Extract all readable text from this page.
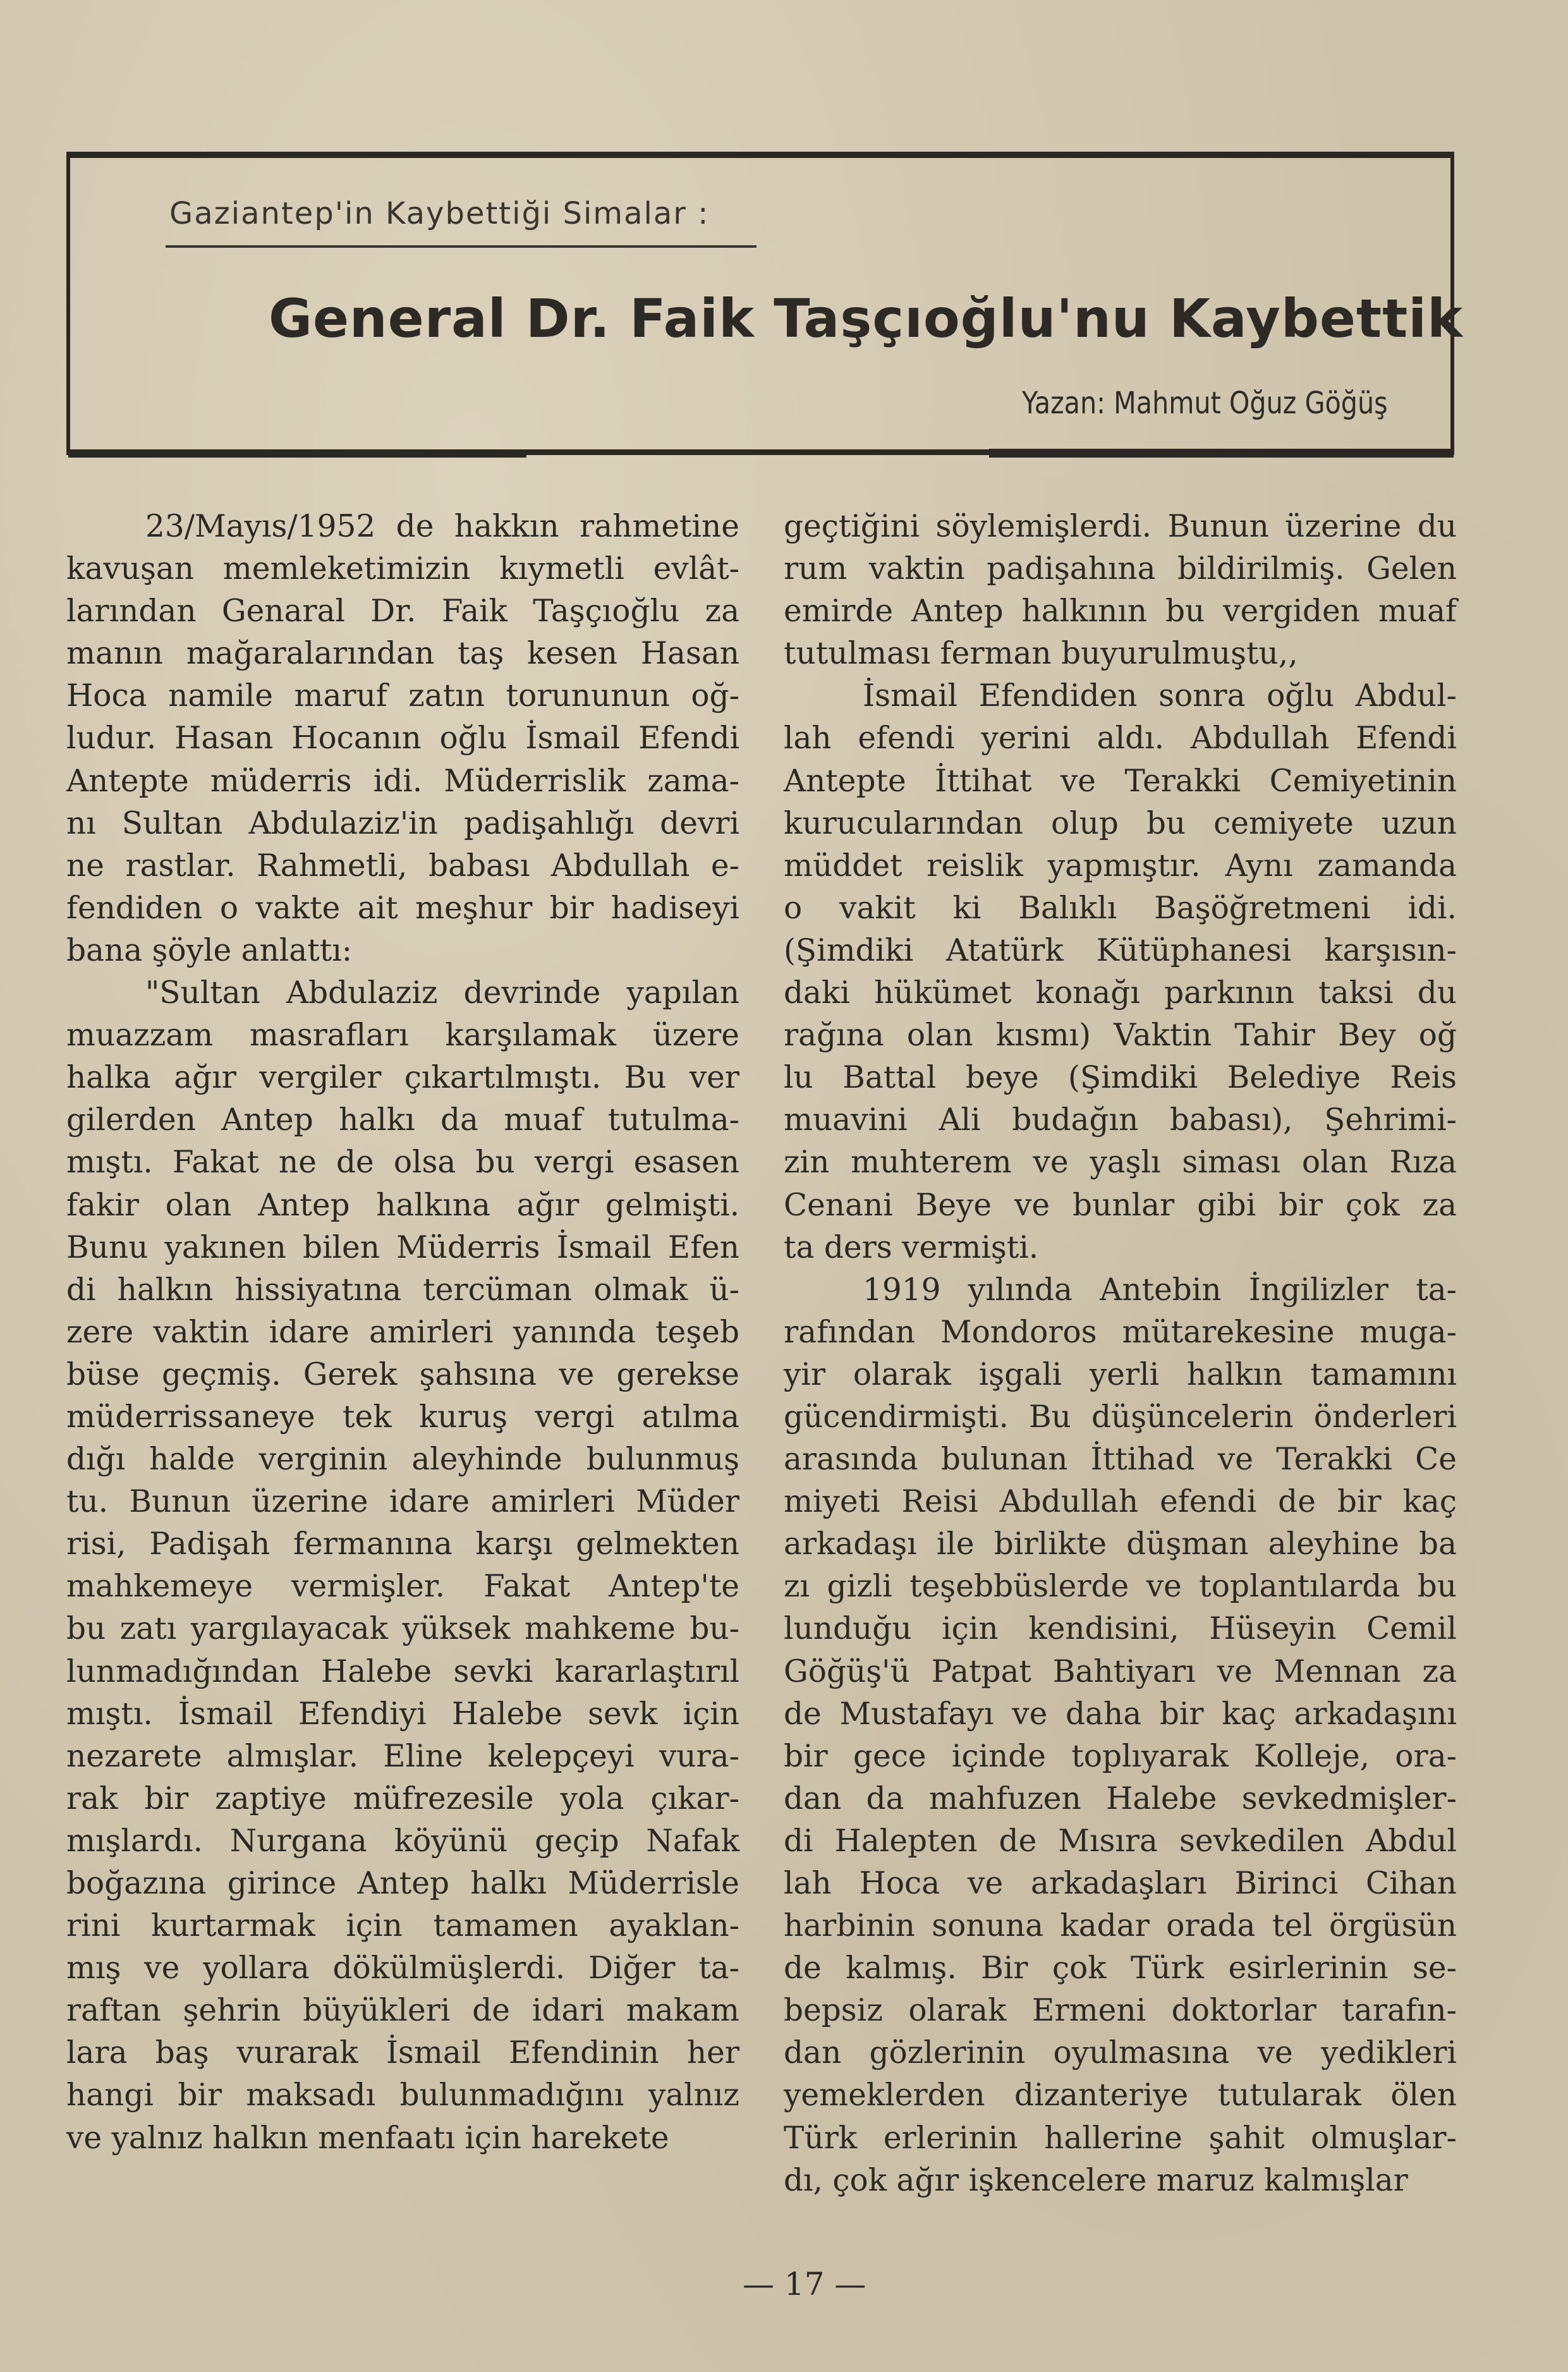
Gaziantep'in Kaybettiği Simalar :
General Dr. Faik Taşçıoğlu'nu Kaybettik
Yazan: Mahmut Oğuz Göğüş
23/Mayıs/1952 de hakkın rahmetine
kavuşan memleketimizin kıymetli evlât-
larından Genaral Dr. Faik Taşçıoğlu za
manın mağaralarından taş kesen Hasan
Hoca namile maruf zatın torununun oğ-
ludur. Hasan Hocanın oğlu İsmail Efendi
Antepte müderris idi. Müderrislik zama-
nı Sultan Abdulaziz'in padişahlığı devri
ne rastlar. Rahmetli, babası Abdullah e-
fendiden o vakte ait meşhur bir hadiseyi
bana şöyle anlattı:
"Sultan Abdulaziz devrinde yapılan
muazzam masrafları karşılamak üzere
halka ağır vergiler çıkartılmıştı. Bu ver
gilerden Antep halkı da muaf tutulma-
mıştı. Fakat ne de olsa bu vergi esasen
fakir olan Antep halkına ağır gelmişti.
Bunu yakınen bilen Müderris İsmail Efen
di halkın hissiyatına tercüman olmak ü-
zere vaktin idare amirleri yanında teşeb
büse geçmiş. Gerek şahsına ve gerekse
müderrissaneye tek kuruş vergi atılma
dığı halde verginin aleyhinde bulunmuş
tu. Bunun üzerine idare amirleri Müder
risi, Padişah fermanına karşı gelmekten
mahkemeye vermişler. Fakat Antep'te
bu zatı yargılayacak yüksek mahkeme bu-
lunmadığından Halebe sevki kararlaştırıl
mıştı. İsmail Efendiyi Halebe sevk için
nezarete almışlar. Eline kelepçeyi vura-
rak bir zaptiye müfrezesile yola çıkar-
mışlardı. Nurgana köyünü geçip Nafak
boğazına girince Antep halkı Müderrisle
rini kurtarmak için tamamen ayaklan-
mış ve yollara dökülmüşlerdi. Diğer ta-
raftan şehrin büyükleri de idari makam
lara baş vurarak İsmail Efendinin her
hangi bir maksadı bulunmadığını yalnız
ve yalnız halkın menfaatı için harekete
geçtiğini söylemişlerdi. Bunun üzerine du
rum vaktin padişahına bildirilmiş. Gelen
emirde Antep halkının bu vergiden muaf
tutulması ferman buyurulmuştu,,
İsmail Efendiden sonra oğlu Abdul-
lah efendi yerini aldı. Abdullah Efendi
Antepte İttihat ve Terakki Cemiyetinin
kurucularından olup bu cemiyete uzun
müddet reislik yapmıştır. Aynı zamanda
o vakit ki Balıklı Başöğretmeni idi.
(Şimdiki Atatürk Kütüphanesi karşısın-
daki hükümet konağı parkının taksi du
rağına olan kısmı) Vaktin Tahir Bey oğ
lu Battal beye (Şimdiki Belediye Reis
muavini Ali budağın babası), Şehrimi-
zin muhterem ve yaşlı siması olan Rıza
Cenani Beye ve bunlar gibi bir çok za
ta ders vermişti.
1919 yılında Antebin İngilizler ta-
rafından Mondoros mütarekesine muga-
yir olarak işgali yerli halkın tamamını
gücendirmişti. Bu düşüncelerin önderleri
arasında bulunan İttihad ve Terakki Ce
miyeti Reisi Abdullah efendi de bir kaç
arkadaşı ile birlikte düşman aleyhine ba
zı gizli teşebbüslerde ve toplantılarda bu
lunduğu için kendisini, Hüseyin Cemil
Göğüş'ü Patpat Bahtiyarı ve Mennan za
de Mustafayı ve daha bir kaç arkadaşını
bir gece içinde toplıyarak Kolleje, ora-
dan da mahfuzen Halebe sevkedmişler-
di Halepten de Mısıra sevkedilen Abdul
lah Hoca ve arkadaşları Birinci Cihan
harbinin sonuna kadar orada tel örgüsün
de kalmış. Bir çok Türk esirlerinin se-
bepsiz olarak Ermeni doktorlar tarafın-
dan gözlerinin oyulmasına ve yedikleri
yemeklerden dizanteriye tutularak ölen
Türk erlerinin hallerine şahit olmuşlar-
dı, çok ağır işkencelere maruz kalmışlar
— 17 —
